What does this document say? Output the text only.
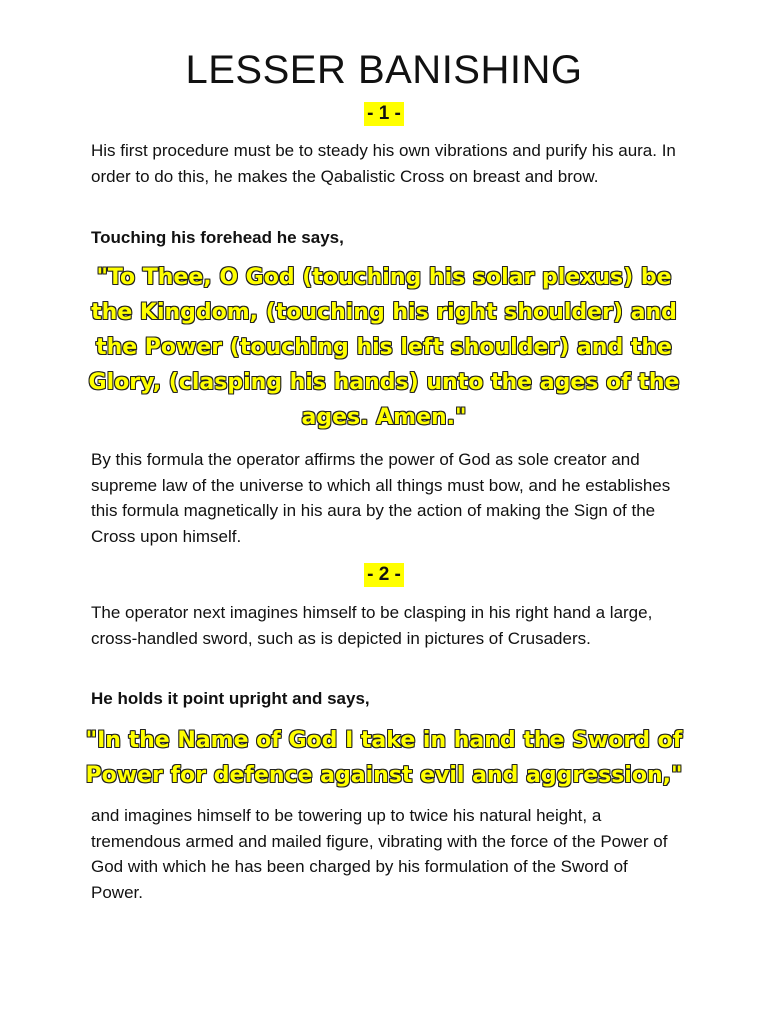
LESSER BANISHING
- 1 -
His first procedure must be to steady his own vibrations and purify his aura. In order to do this, he makes the Qabalistic Cross on breast and brow.
Touching his forehead he says,
"To Thee, O God (touching his solar plexus) be the Kingdom, (touching his right shoulder) and the Power (touching his left shoulder) and the Glory, (clasping his hands) unto the ages of the ages. Amen."
By this formula the operator affirms the power of God as sole creator and supreme law of the universe to which all things must bow, and he establishes this formula magnetically in his aura by the action of making the Sign of the Cross upon himself.
- 2 -
The operator next imagines himself to be clasping in his right hand a large, cross-handled sword, such as is depicted in pictures of Crusaders.
He holds it point upright and says,
"In the Name of God I take in hand the Sword of Power for defence against evil and aggression,"
and imagines himself to be towering up to twice his natural height, a tremendous armed and mailed figure, vibrating with the force of the Power of God with which he has been charged by his formulation of the Sword of Power.
